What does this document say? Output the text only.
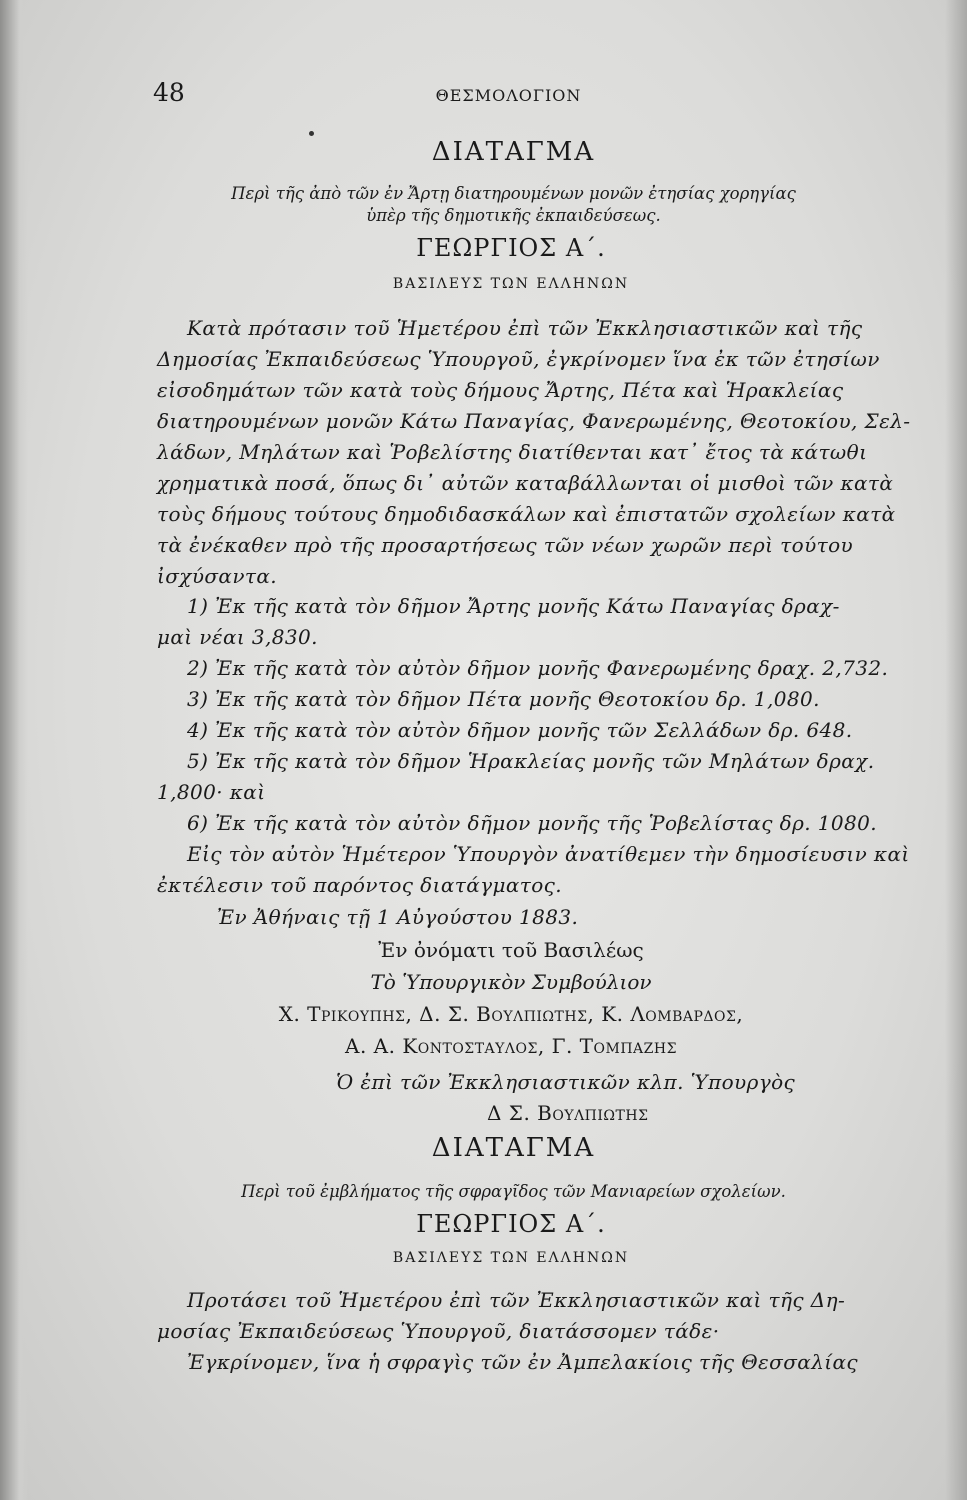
48	ΘΕΣΜΟΛΟΓΙΟΝ
ΔΙΑΤΑΓΜΑ
Περὶ τῆς ἀπὸ τῶν ἐν Ἄρτῃ διατηρουμένων μονῶν ἐτησίας χορηγίας
ὑπὲρ τῆς δημοτικῆς ἐκπαιδεύσεως.
ΓΕΩΡΓΙΟΣ Α΄.
ΒΑΣΙΛΕΥΣ ΤΩΝ ΕΛΛΗΝΩΝ
Κατὰ πρότασιν τοῦ Ἡμετέρου ἐπὶ τῶν Ἐκκλησιαστικῶν καὶ τῆς
Δημοσίας Ἐκπαιδεύσεως Ὑπουργοῦ, ἐγκρίνομεν ἵνα ἐκ τῶν ἐτησίων
εἰσοδημάτων τῶν κατὰ τοὺς δήμους Ἄρτης, Πέτα καὶ Ἡρακλείας
διατηρουμένων μονῶν Κάτω Παναγίας, Φανερωμένης, Θεοτοκίου, Σελ-
λάδων, Μηλάτων καὶ Ῥοβελίστης διατίθενται κατ᾽ ἔτος τὰ κάτωθι
χρηματικὰ ποσά, ὅπως δι᾽ αὐτῶν καταβάλλωνται οἱ μισθοὶ τῶν κατὰ
τοὺς δήμους τούτους δημοδιδασκάλων καὶ ἐπιστατῶν σχολείων κατὰ
τὰ ἐνέκαθεν πρὸ τῆς προσαρτήσεως τῶν νέων χωρῶν περὶ τούτου
ἰσχύσαντα.
1) Ἐκ τῆς κατὰ τὸν δῆμον Ἄρτης μονῆς Κάτω Παναγίας δραχ-
μαὶ νέαι 3,830.
2) Ἐκ τῆς κατὰ τὸν αὐτὸν δῆμον μονῆς Φανερωμένης δραχ. 2,732.
3) Ἐκ τῆς κατὰ τὸν δῆμον Πέτα μονῆς Θεοτοκίου δρ. 1,080.
4) Ἐκ τῆς κατὰ τὸν αὐτὸν δῆμον μονῆς τῶν Σελλάδων δρ. 648.
5) Ἐκ τῆς κατὰ τὸν δῆμον Ἡρακλείας μονῆς τῶν Μηλάτων δραχ.
1,800· καὶ
6) Ἐκ τῆς κατὰ τὸν αὐτὸν δῆμον μονῆς τῆς Ῥοβελίστας δρ. 1080.
Εἰς τὸν αὐτὸν Ἡμέτερον Ὑπουργὸν ἀνατίθεμεν τὴν δημοσίευσιν καὶ
ἐκτέλεσιν τοῦ παρόντος διατάγματος.
Ἐν Ἀθήναις τῇ 1 Αὐγούστου 1883.
Ἐν ὀνόματι τοῦ Βασιλέως
Τὸ Ὑπουργικὸν Συμβούλιον
Χ. Τρικουπης, Δ. Σ. Βουλπιωτης, Κ. Λομβαρδος,
Α. Α. Κοντοσταυλος, Γ. Τομπαζης
Ὁ ἐπὶ τῶν Ἐκκλησιαστικῶν κλπ. Ὑπουργὸς
Δ Σ. Βουλπιωτης
ΔΙΑΤΑΓΜΑ
Περὶ τοῦ ἐμβλήματος τῆς σφραγῖδος τῶν Μανιαρείων σχολείων.
ΓΕΩΡΓΙΟΣ Α΄.
ΒΑΣΙΛΕΥΣ ΤΩΝ ΕΛΛΗΝΩΝ
Προτάσει τοῦ Ἡμετέρου ἐπὶ τῶν Ἐκκλησιαστικῶν καὶ τῆς Δη-
μοσίας Ἐκπαιδεύσεως Ὑπουργοῦ, διατάσσομεν τάδε·
Ἐγκρίνομεν, ἵνα ἡ σφραγὶς τῶν ἐν Ἀμπελακίοις τῆς Θεσσαλίας
